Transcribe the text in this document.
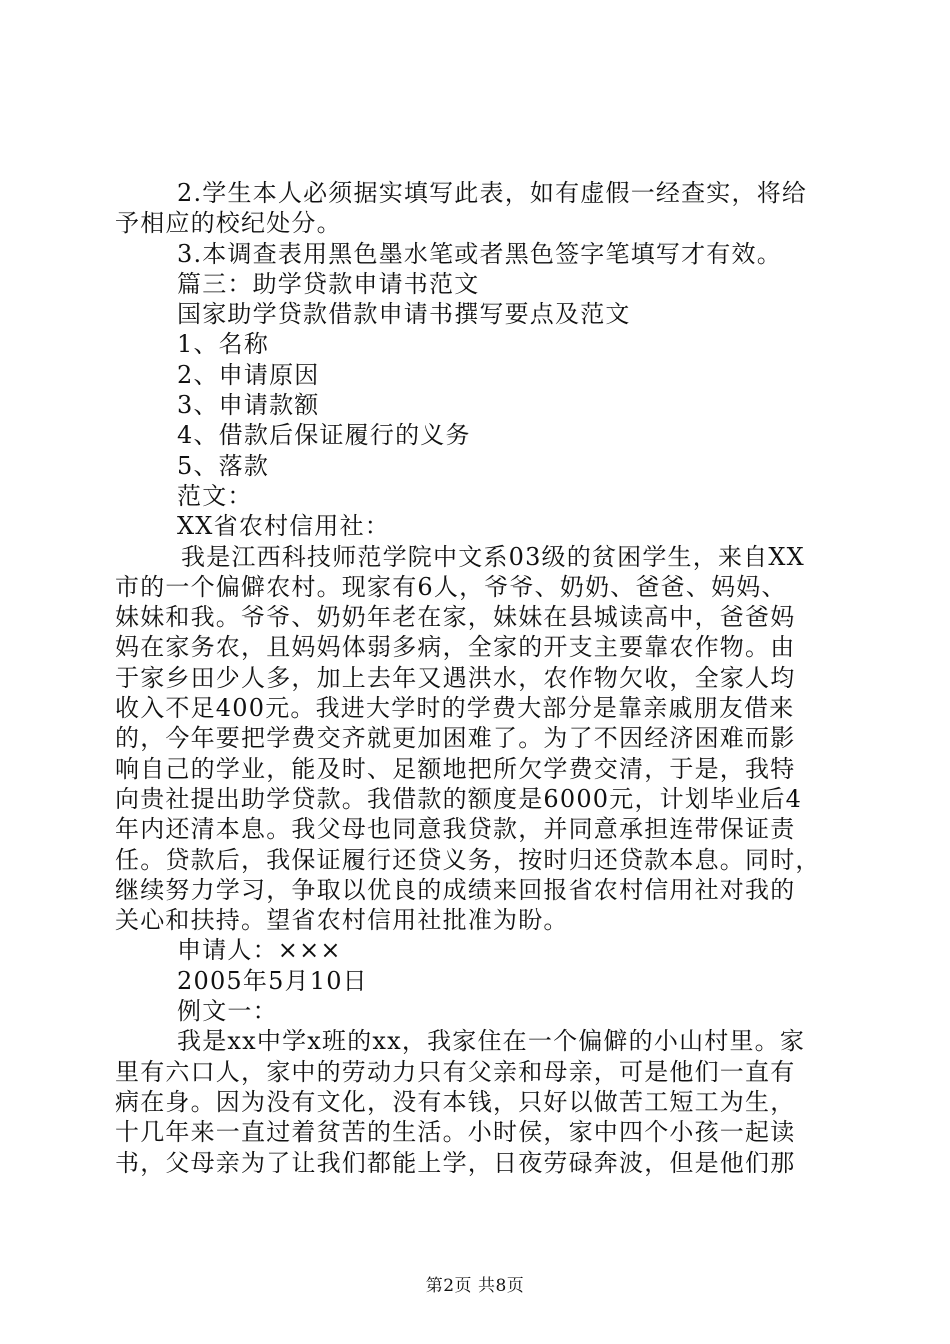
2.学生本人必须据实填写此表，如有虚假一经查实，将给
予相应的校纪处分。
3.本调查表用黑色墨水笔或者黑色签字笔填写才有效。
篇三：助学贷款申请书范文
国家助学贷款借款申请书撰写要点及范文
1、名称
2、申请原因
3、申请款额
4、借款后保证履行的义务
5、落款
范文：
XX省农村信用社：
我是江西科技师范学院中文系03级的贫困学生，来自XX
市的一个偏僻农村。现家有6人，爷爷、奶奶、爸爸、妈妈、
妹妹和我。爷爷、奶奶年老在家，妹妹在县城读高中，爸爸妈
妈在家务农，且妈妈体弱多病，全家的开支主要靠农作物。由
于家乡田少人多，加上去年又遇洪水，农作物欠收，全家人均
收入不足400元。我进大学时的学费大部分是靠亲戚朋友借来
的，今年要把学费交齐就更加困难了。为了不因经济困难而影
响自己的学业，能及时、足额地把所欠学费交清，于是，我特
向贵社提出助学贷款。我借款的额度是6000元，计划毕业后4
年内还清本息。我父母也同意我贷款，并同意承担连带保证责
任。贷款后，我保证履行还贷义务，按时归还贷款本息。同时，
继续努力学习，争取以优良的成绩来回报省农村信用社对我的
关心和扶持。望省农村信用社批准为盼。
申请人：×××
2005年5月10日
例文一：
我是xx中学x班的xx，我家住在一个偏僻的小山村里。家
里有六口人，家中的劳动力只有父亲和母亲，可是他们一直有
病在身。因为没有文化，没有本钱，只好以做苦工短工为生，
十几年来一直过着贫苦的生活。小时侯，家中四个小孩一起读
书，父母亲为了让我们都能上学，日夜劳碌奔波，但是他们那
第2页 共8页
